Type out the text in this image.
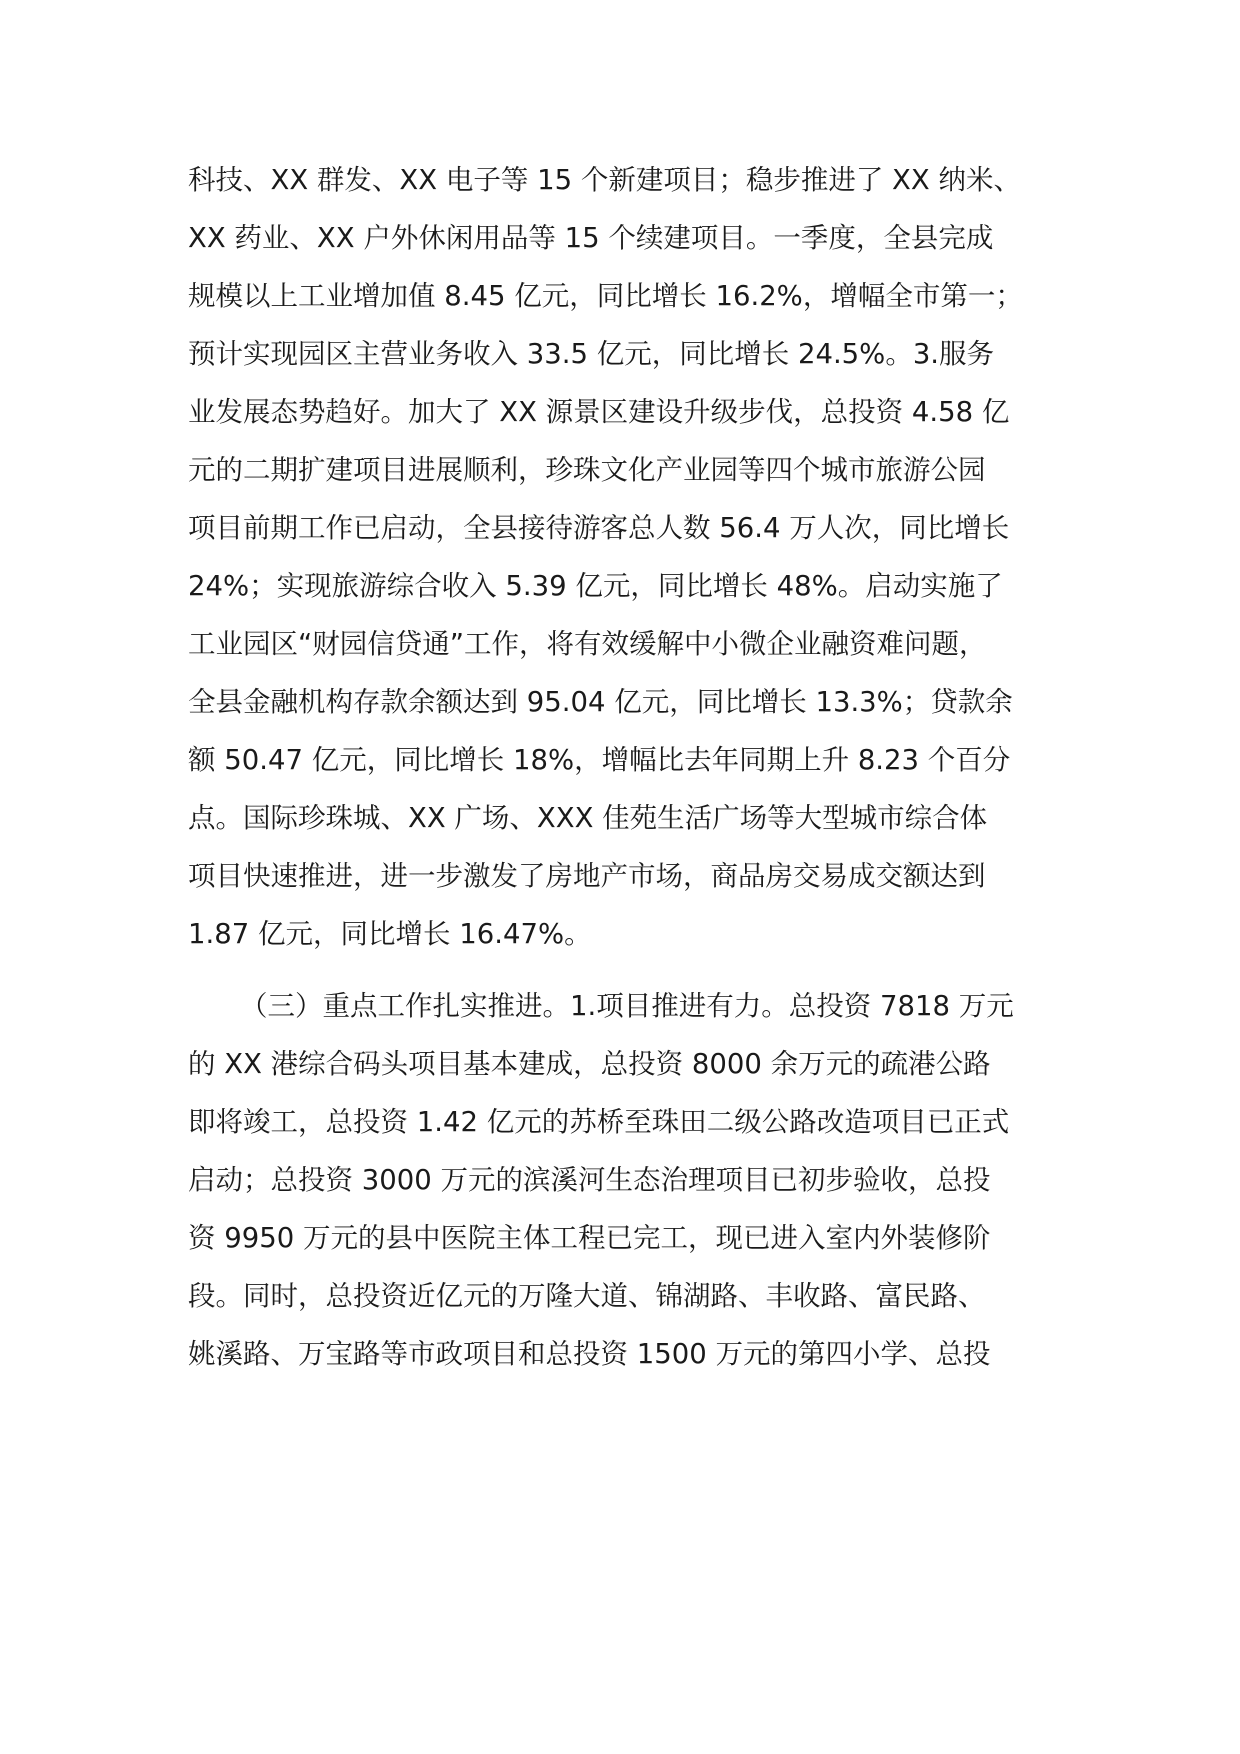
科技、XX 群发、XX 电子等 15 个新建项目；稳步推进了 XX 纳米、
XX 药业、XX 户外休闲用品等 15 个续建项目。一季度，全县完成
规模以上工业增加值 8.45 亿元，同比增长 16.2%，增幅全市第一；
预计实现园区主营业务收入 33.5 亿元，同比增长 24.5%。3.服务
业发展态势趋好。加大了 XX 源景区建设升级步伐，总投资 4.58 亿
元的二期扩建项目进展顺利，珍珠文化产业园等四个城市旅游公园
项目前期工作已启动，全县接待游客总人数 56.4 万人次，同比增长
24%；实现旅游综合收入 5.39 亿元，同比增长 48%。启动实施了
工业园区“财园信贷通”工作，将有效缓解中小微企业融资难问题，
全县金融机构存款余额达到 95.04 亿元，同比增长 13.3%；贷款余
额 50.47 亿元，同比增长 18%，增幅比去年同期上升 8.23 个百分
点。国际珍珠城、XX 广场、XXX 佳苑生活广场等大型城市综合体
项目快速推进，进一步激发了房地产市场，商品房交易成交额达到
1.87 亿元，同比增长 16.47%。
（三）重点工作扎实推进。1.项目推进有力。总投资 7818 万元
的 XX 港综合码头项目基本建成，总投资 8000 余万元的疏港公路
即将竣工，总投资 1.42 亿元的苏桥至珠田二级公路改造项目已正式
启动；总投资 3000 万元的滨溪河生态治理项目已初步验收，总投
资 9950 万元的县中医院主体工程已完工，现已进入室内外装修阶
段。同时，总投资近亿元的万隆大道、锦湖路、丰收路、富民路、
姚溪路、万宝路等市政项目和总投资 1500 万元的第四小学、总投
